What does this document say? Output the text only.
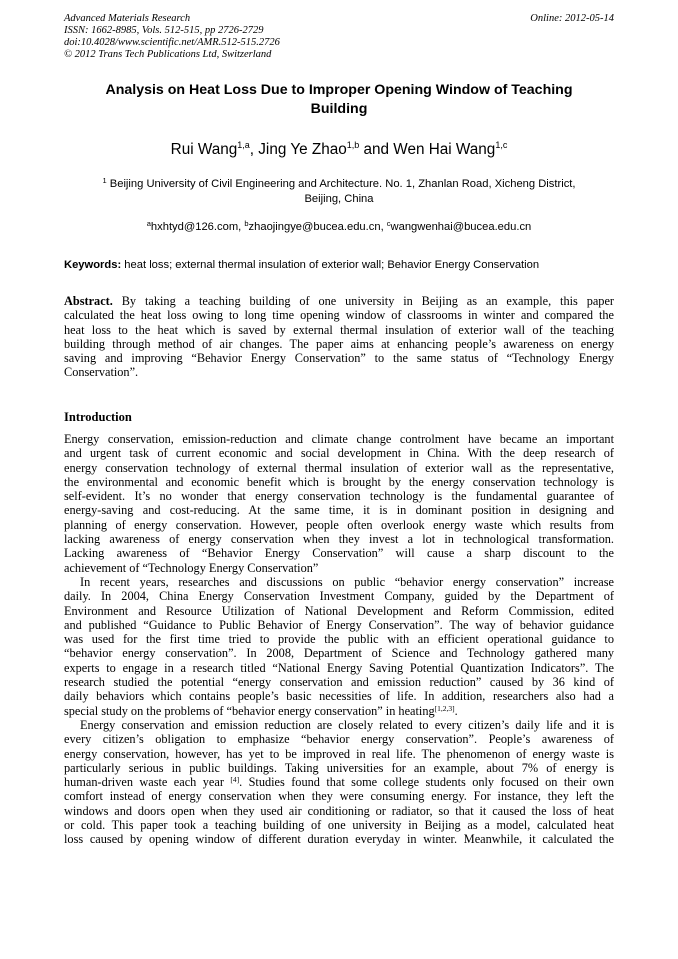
Advanced Materials Research
ISSN: 1662-8985, Vols. 512-515, pp 2726-2729
doi:10.4028/www.scientific.net/AMR.512-515.2726
© 2012 Trans Tech Publications Ltd, Switzerland
Online: 2012-05-14
Analysis on Heat Loss Due to Improper Opening Window of Teaching
Building
Rui Wang$^{1,a}$, Jing Ye Zhao$^{1,b}$ and Wen Hai Wang$^{1,c}$
$^1$ Beijing University of Civil Engineering and Architecture. No. 1, Zhanlan Road, Xicheng District,
Beijing, China
$^a$hxhtyd@126.com, $^b$zhaojingye@bucea.edu.cn, $^c$wangwenhai@bucea.edu.cn
Keywords: heat loss; external thermal insulation of exterior wall; Behavior Energy Conservation
Abstract. By taking a teaching building of one university in Beijing as an example, this paper
calculated the heat loss owing to long time opening window of classrooms in winter and compared the
heat loss to the heat which is saved by external thermal insulation of exterior wall of the teaching
building through method of air changes. The paper aims at enhancing people’s awareness on energy
saving and improving “Behavior Energy Conservation” to the same status of “Technology Energy
Conservation”.
Introduction
Energy conservation, emission-reduction and climate change controlment have became an important
and urgent task of current economic and social development in China. With the deep research of
energy conservation technology of external thermal insulation of exterior wall as the representative,
the environmental and economic benefit which is brought by the energy conservation technology is
self-evident. It’s no wonder that energy conservation technology is the fundamental guarantee of
energy-saving and cost-reducing. At the same time, it is in dominant position in designing and
planning of energy conservation. However, people often overlook energy waste which results from
lacking awareness of energy conservation when they invest a lot in technological transformation.
Lacking awareness of “Behavior Energy Conservation” will cause a sharp discount to the
achievement of “Technology Energy Conservation”
In recent years, researches and discussions on public “behavior energy conservation” increase
daily. In 2004, China Energy Conservation Investment Company, guided by the Department of
Environment and Resource Utilization of National Development and Reform Commission, edited
and published “Guidance to Public Behavior of Energy Conservation”. The way of behavior guidance
was used for the first time tried to provide the public with an efficient operational guidance to
“behavior energy conservation”. In 2008, Department of Science and Technology gathered many
experts to engage in a research titled “National Energy Saving Potential Quantization Indicators”. The
research studied the potential “energy conservation and emission reduction” caused by 36 kind of
daily behaviors which contains people’s basic necessities of life. In addition, researchers also had a
special study on the problems of “behavior energy conservation” in heating[1,2,3].
Energy conservation and emission reduction are closely related to every citizen’s daily life and it is
every citizen’s obligation to emphasize “behavior energy conservation”. People’s awareness of
energy conservation, however, has yet to be improved in real life. The phenomenon of energy waste is
particularly serious in public buildings. Taking universities for an example, about 7% of energy is
human-driven waste each year [4]. Studies found that some college students only focused on their own
comfort instead of energy conservation when they were consuming energy. For instance, they left the
windows and doors open when they used air conditioning or radiator, so that it caused the loss of heat
or cold. This paper took a teaching building of one university in Beijing as a model, calculated heat
loss caused by opening window of different duration everyday in winter. Meanwhile, it calculated the
